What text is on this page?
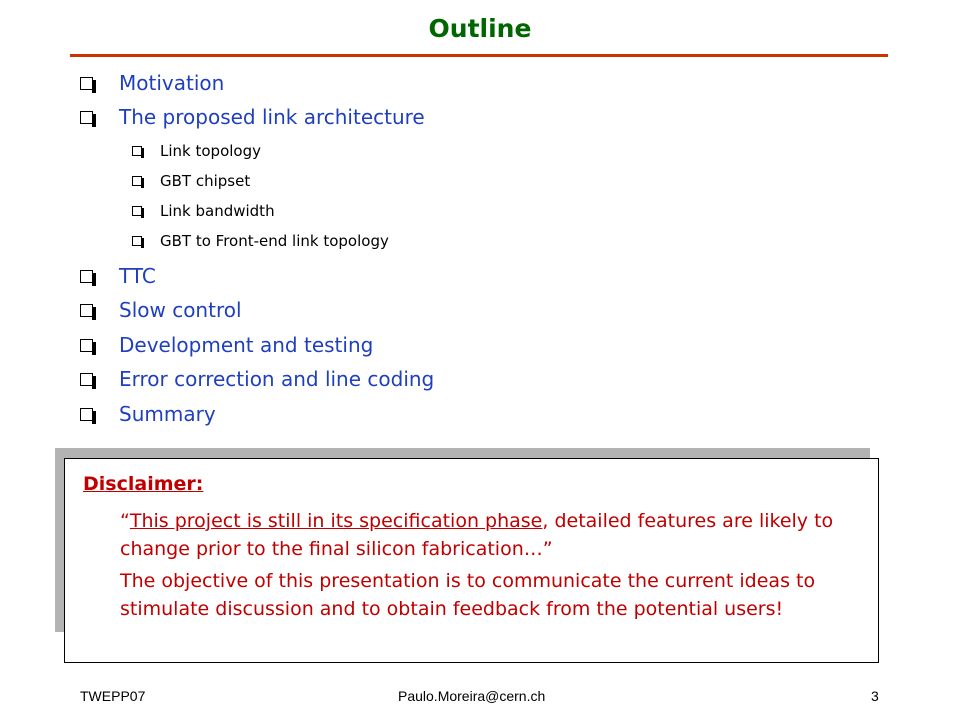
Outline
Motivation
The proposed link architecture
Link topology
GBT chipset
Link bandwidth
GBT to Front-end link topology
TTC
Slow control
Development and testing
Error correction and line coding
Summary
Disclaimer:
“This project is still in its specification phase, detailed features are likely to change prior to the final silicon fabrication…”
The objective of this presentation is to communicate the current ideas to stimulate discussion and to obtain feedback from the potential users!
TWEPP07	Paulo.Moreira@cern.ch	3
